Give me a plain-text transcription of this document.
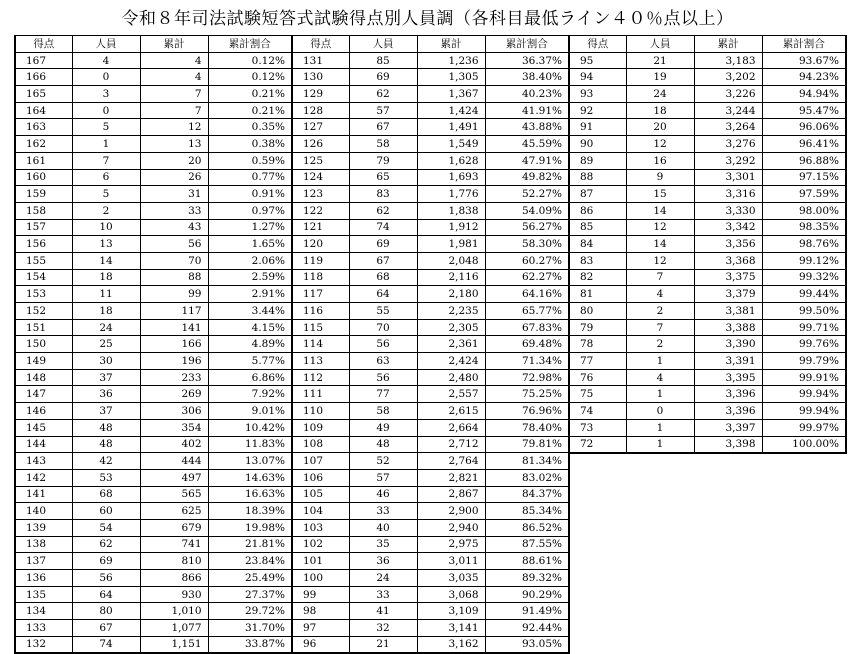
令和８年司法試験短答式試験得点別人員調（各科目最低ライン４０％点以上）
得点	人員	累計	累計割合
167	4	4	0.12%
166	0	4	0.12%
165	3	7	0.21%
164	0	7	0.21%
163	5	12	0.35%
162	1	13	0.38%
161	7	20	0.59%
160	6	26	0.77%
159	5	31	0.91%
158	2	33	0.97%
157	10	43	1.27%
156	13	56	1.65%
155	14	70	2.06%
154	18	88	2.59%
153	11	99	2.91%
152	18	117	3.44%
151	24	141	4.15%
150	25	166	4.89%
149	30	196	5.77%
148	37	233	6.86%
147	36	269	7.92%
146	37	306	9.01%
145	48	354	10.42%
144	48	402	11.83%
143	42	444	13.07%
142	53	497	14.63%
141	68	565	16.63%
140	60	625	18.39%
139	54	679	19.98%
138	62	741	21.81%
137	69	810	23.84%
136	56	866	25.49%
135	64	930	27.37%
134	80	1,010	29.72%
133	67	1,077	31.70%
132	74	1,151	33.87%
得点	人員	累計	累計割合
131	85	1,236	36.37%
130	69	1,305	38.40%
129	62	1,367	40.23%
128	57	1,424	41.91%
127	67	1,491	43.88%
126	58	1,549	45.59%
125	79	1,628	47.91%
124	65	1,693	49.82%
123	83	1,776	52.27%
122	62	1,838	54.09%
121	74	1,912	56.27%
120	69	1,981	58.30%
119	67	2,048	60.27%
118	68	2,116	62.27%
117	64	2,180	64.16%
116	55	2,235	65.77%
115	70	2,305	67.83%
114	56	2,361	69.48%
113	63	2,424	71.34%
112	56	2,480	72.98%
111	77	2,557	75.25%
110	58	2,615	76.96%
109	49	2,664	78.40%
108	48	2,712	79.81%
107	52	2,764	81.34%
106	57	2,821	83.02%
105	46	2,867	84.37%
104	33	2,900	85.34%
103	40	2,940	86.52%
102	35	2,975	87.55%
101	36	3,011	88.61%
100	24	3,035	89.32%
99	33	3,068	90.29%
98	41	3,109	91.49%
97	32	3,141	92.44%
96	21	3,162	93.05%
得点	人員	累計	累計割合
95	21	3,183	93.67%
94	19	3,202	94.23%
93	24	3,226	94.94%
92	18	3,244	95.47%
91	20	3,264	96.06%
90	12	3,276	96.41%
89	16	3,292	96.88%
88	9	3,301	97.15%
87	15	3,316	97.59%
86	14	3,330	98.00%
85	12	3,342	98.35%
84	14	3,356	98.76%
83	12	3,368	99.12%
82	7	3,375	99.32%
81	4	3,379	99.44%
80	2	3,381	99.50%
79	7	3,388	99.71%
78	2	3,390	99.76%
77	1	3,391	99.79%
76	4	3,395	99.91%
75	1	3,396	99.94%
74	0	3,396	99.94%
73	1	3,397	99.97%
72	1	3,398	100.00%
